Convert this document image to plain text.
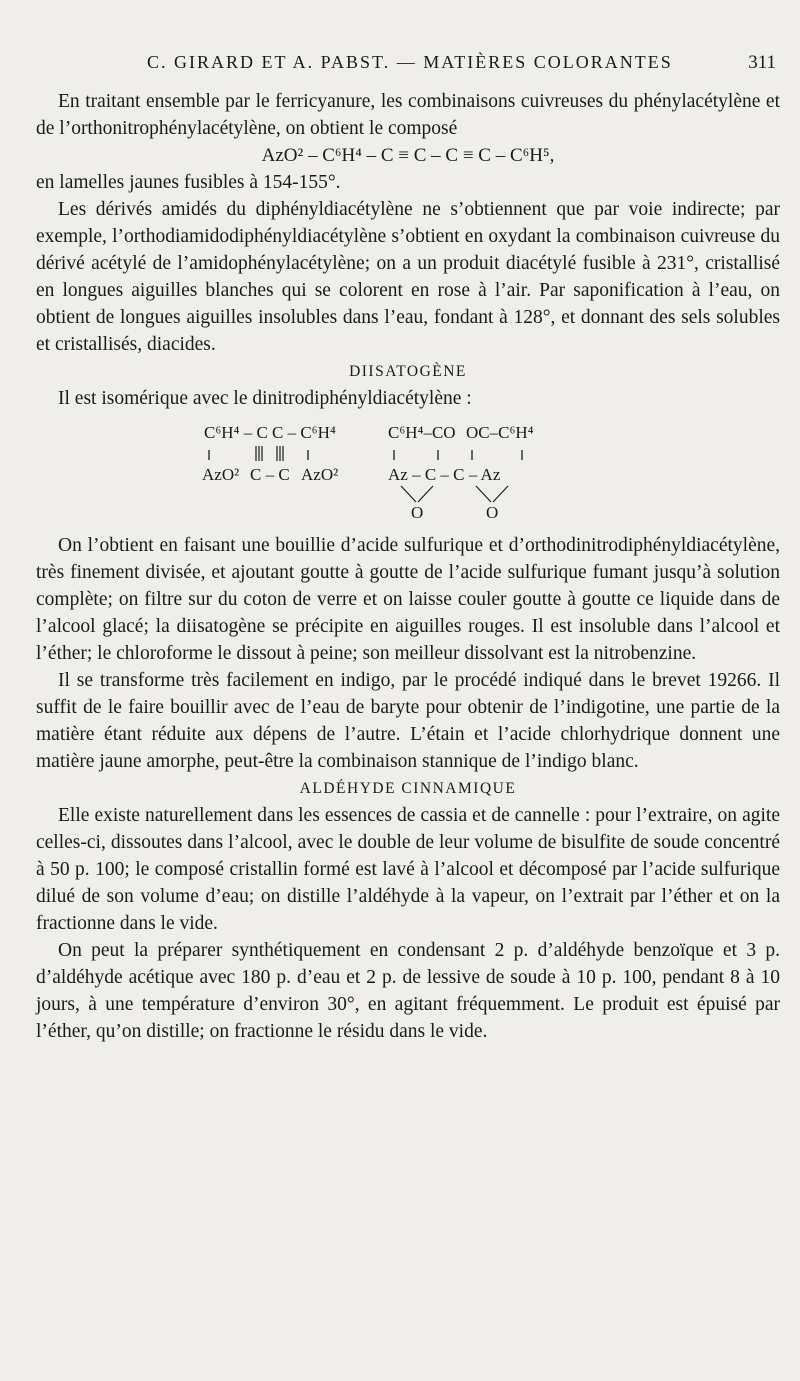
C. GIRARD ET A. PABST. — MATIÈRES COLORANTES	311

En traitant ensemble par le ferricyanure, les combinaisons cuivreuses du phénylacétylène et de l’orthonitrophénylacétylène, on obtient le composé

AzO² – C⁶H⁴ – C ≡ C – C ≡ C – C⁶H⁵,

en lamelles jaunes fusibles à 154-155°.

Les dérivés amidés du diphényldiacétylène ne s’obtiennent que par voie indirecte; par exemple, l’orthodiamidodiphényldiacétylène s’obtient en oxydant la combinaison cuivreuse du dérivé acétylé de l’amidophénylacétylène; on a un produit diacétylé fusible à 231°, cristallisé en longues aiguilles blanches qui se colorent en rose à l’air. Par saponification à l’eau, on obtient de longues aiguilles insolubles dans l’eau, fondant à 128°, et donnant des sels solubles et cristallisés, diacides.

DIISATOGÈNE

Il est isomérique avec le dinitrodiphényldiacétylène :

C⁶H⁴ – C C – C⁶H⁴
AzO² C – C AzO²
C⁶H⁴–CO OC–C⁶H⁴
Az – C – C – Az
O	O

On l’obtient en faisant une bouillie d’acide sulfurique et d’orthodinitrodiphényldiacétylène, très finement divisée, et ajoutant goutte à goutte de l’acide sulfurique fumant jusqu’à solution complète; on filtre sur du coton de verre et on laisse couler goutte à goutte ce liquide dans de l’alcool glacé; la diisatogène se précipite en aiguilles rouges. Il est insoluble dans l’alcool et l’éther; le chloroforme le dissout à peine; son meilleur dissolvant est la nitrobenzine.

Il se transforme très facilement en indigo, par le procédé indiqué dans le brevet 19266. Il suffit de le faire bouillir avec de l’eau de baryte pour obtenir de l’indigotine, une partie de la matière étant réduite aux dépens de l’autre. L’étain et l’acide chlorhydrique donnent une matière jaune amorphe, peut-être la combinaison stannique de l’indigo blanc.

ALDÉHYDE CINNAMIQUE

Elle existe naturellement dans les essences de cassia et de cannelle : pour l’extraire, on agite celles-ci, dissoutes dans l’alcool, avec le double de leur volume de bisulfite de soude concentré à 50 p. 100; le composé cristallin formé est lavé à l’alcool et décomposé par l’acide sulfurique dilué de son volume d’eau; on distille l’aldéhyde à la vapeur, on l’extrait par l’éther et on la fractionne dans le vide.

On peut la préparer synthétiquement en condensant 2 p. d’aldéhyde benzoïque et 3 p. d’aldéhyde acétique avec 180 p. d’eau et 2 p. de lessive de soude à 10 p. 100, pendant 8 à 10 jours, à une température d’environ 30°, en agitant fréquemment. Le produit est épuisé par l’éther, qu’on distille; on fractionne le résidu dans le vide.
